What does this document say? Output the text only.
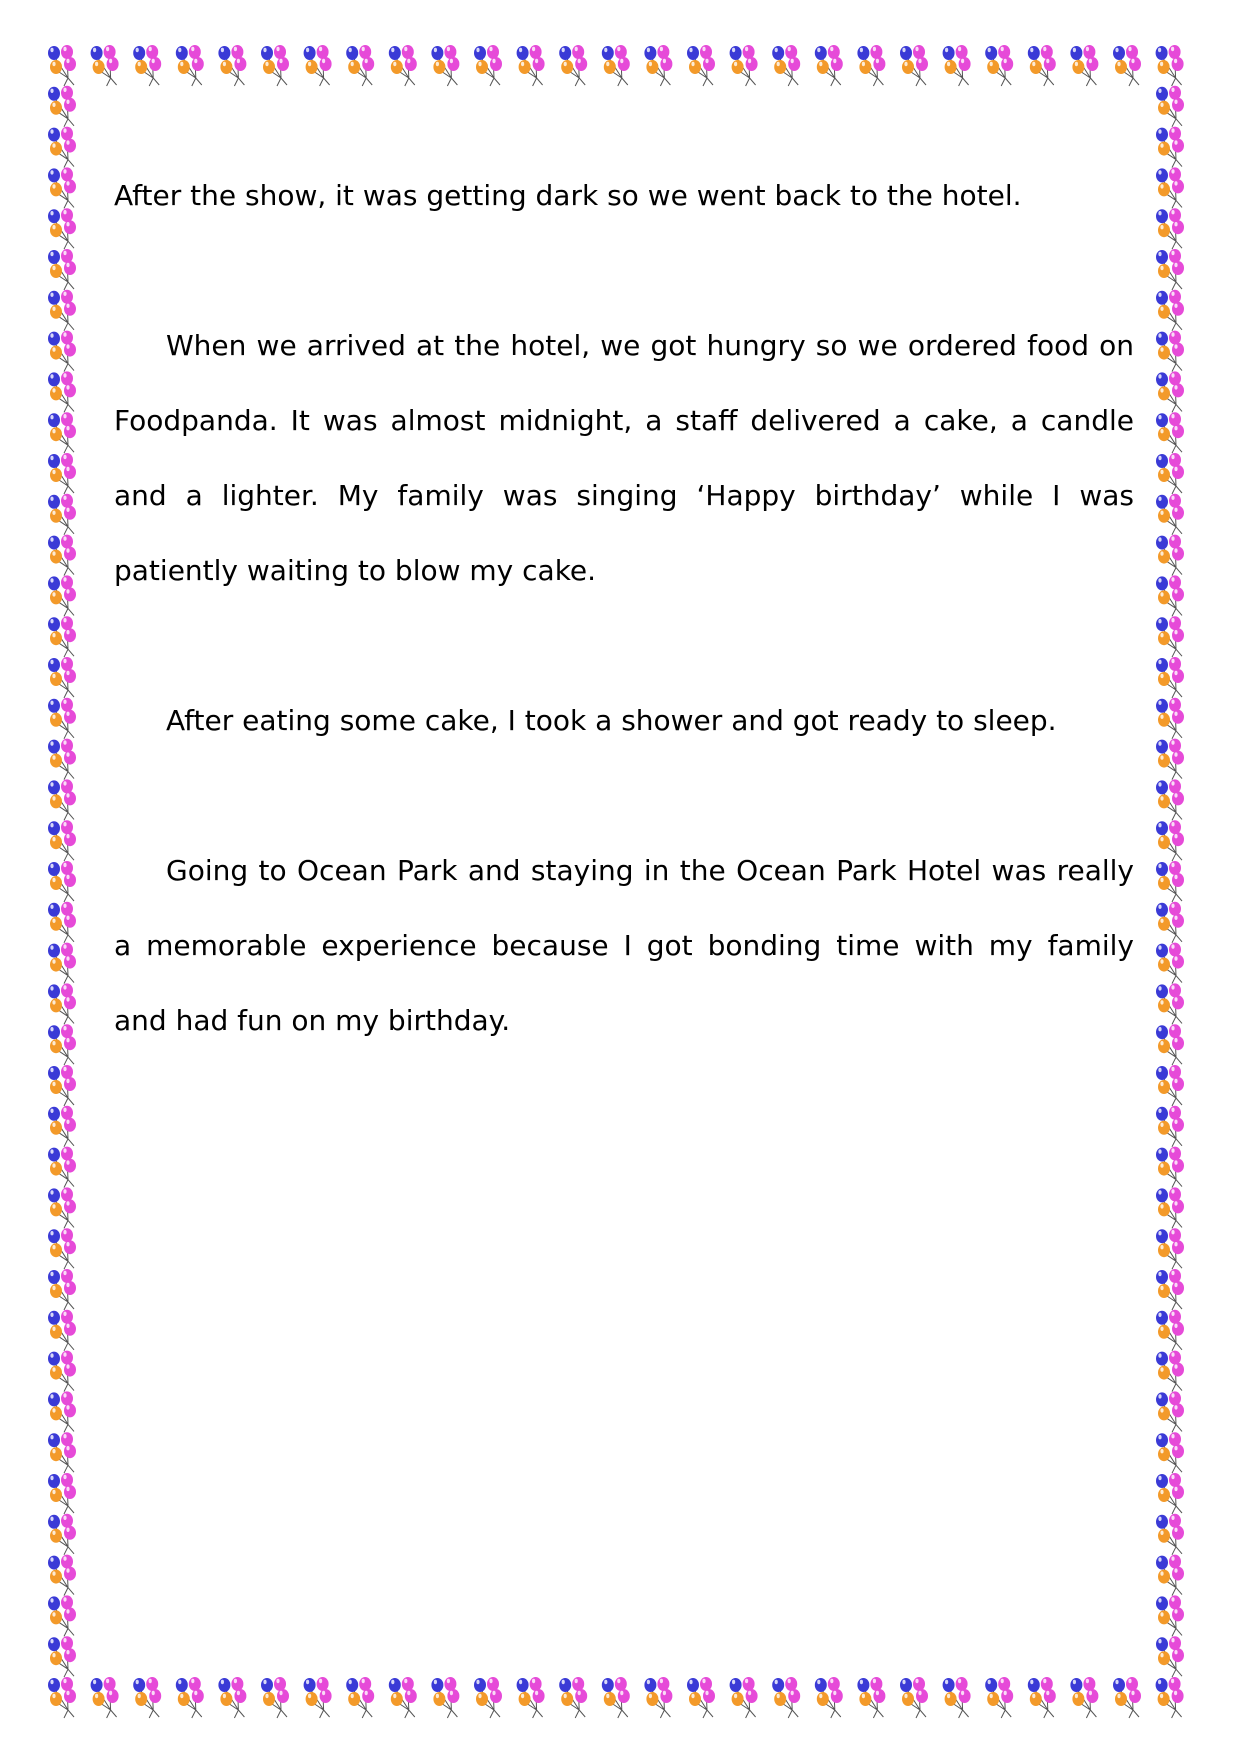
After the show, it was getting dark so we went back to the hotel.

When we arrived at the hotel, we got hungry so we ordered food on Foodpanda. It was almost midnight, a staff delivered a cake, a candle and a lighter. My family was singing ‘Happy birthday’ while I was patiently waiting to blow my cake.

After eating some cake, I took a shower and got ready to sleep.

Going to Ocean Park and staying in the Ocean Park Hotel was really a memorable experience because I got bonding time with my family and had fun on my birthday.
